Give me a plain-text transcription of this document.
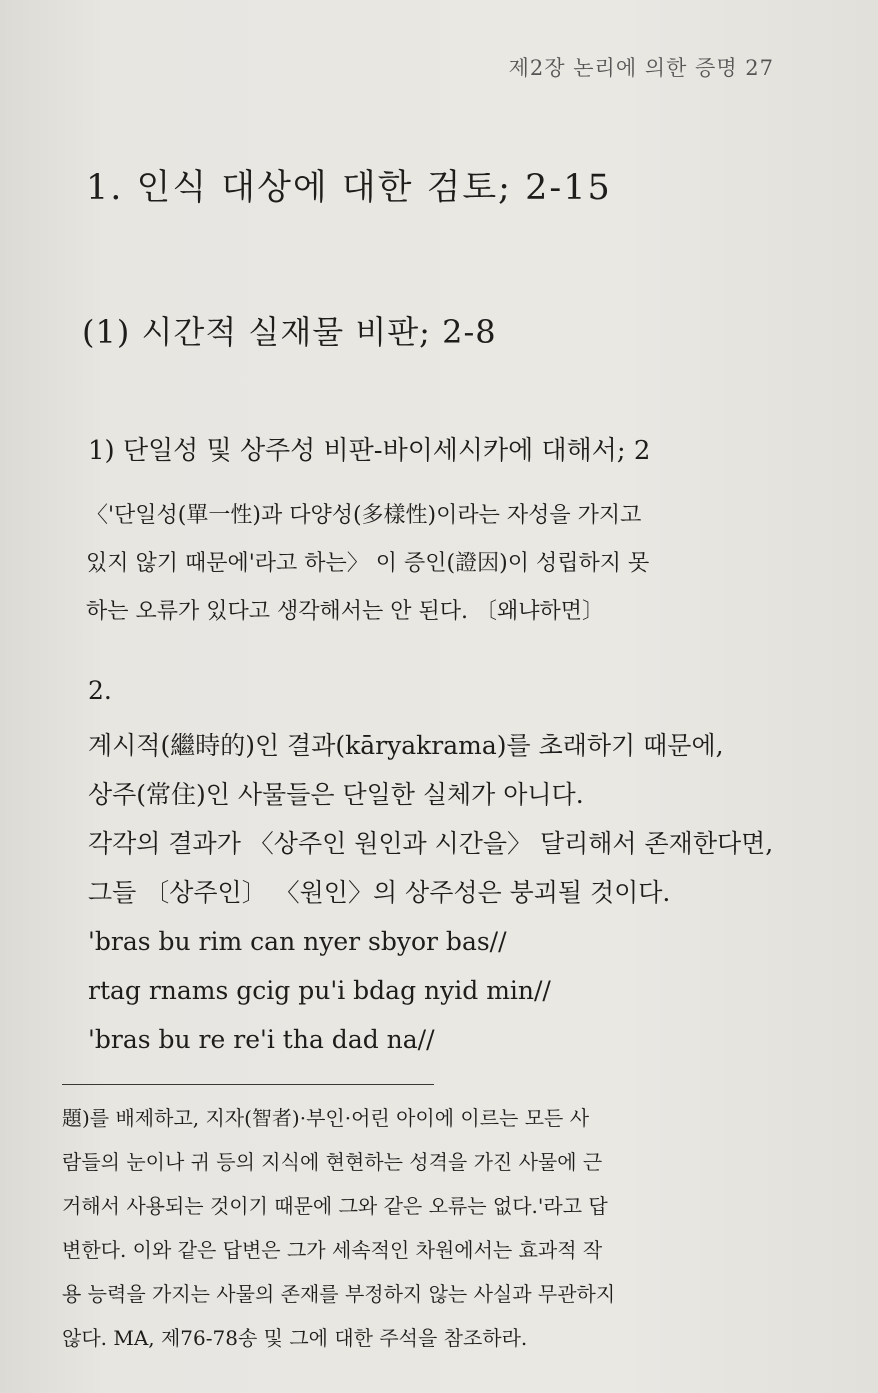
제2장 논리에 의한 증명 27
1. 인식 대상에 대한 검토; 2-15
(1) 시간적 실재물 비판; 2-8
1) 단일성 및 상주성 비판-바이세시카에 대해서; 2
〈'단일성(單一性)과 다양성(多樣性)이라는 자성을 가지고
있지 않기 때문에'라고 하는〉 이 증인(證因)이 성립하지 못
하는 오류가 있다고 생각해서는 안 된다. 〔왜냐하면〕
2.
계시적(繼時的)인 결과(kāryakrama)를 초래하기 때문에,
상주(常住)인 사물들은 단일한 실체가 아니다.
각각의 결과가 〈상주인 원인과 시간을〉 달리해서 존재한다면,
그들 〔상주인〕 〈원인〉의 상주성은 붕괴될 것이다.
'bras bu rim can nyer sbyor bas//
rtag rnams gcig pu'i bdag nyid min//
'bras bu re re'i tha dad na//
題)를 배제하고, 지자(智者)·부인·어린 아이에 이르는 모든 사
람들의 눈이나 귀 등의 지식에 현현하는 성격을 가진 사물에 근
거해서 사용되는 것이기 때문에 그와 같은 오류는 없다.'라고 답
변한다. 이와 같은 답변은 그가 세속적인 차원에서는 효과적 작
용 능력을 가지는 사물의 존재를 부정하지 않는 사실과 무관하지
않다. MA, 제76-78송 및 그에 대한 주석을 참조하라.
